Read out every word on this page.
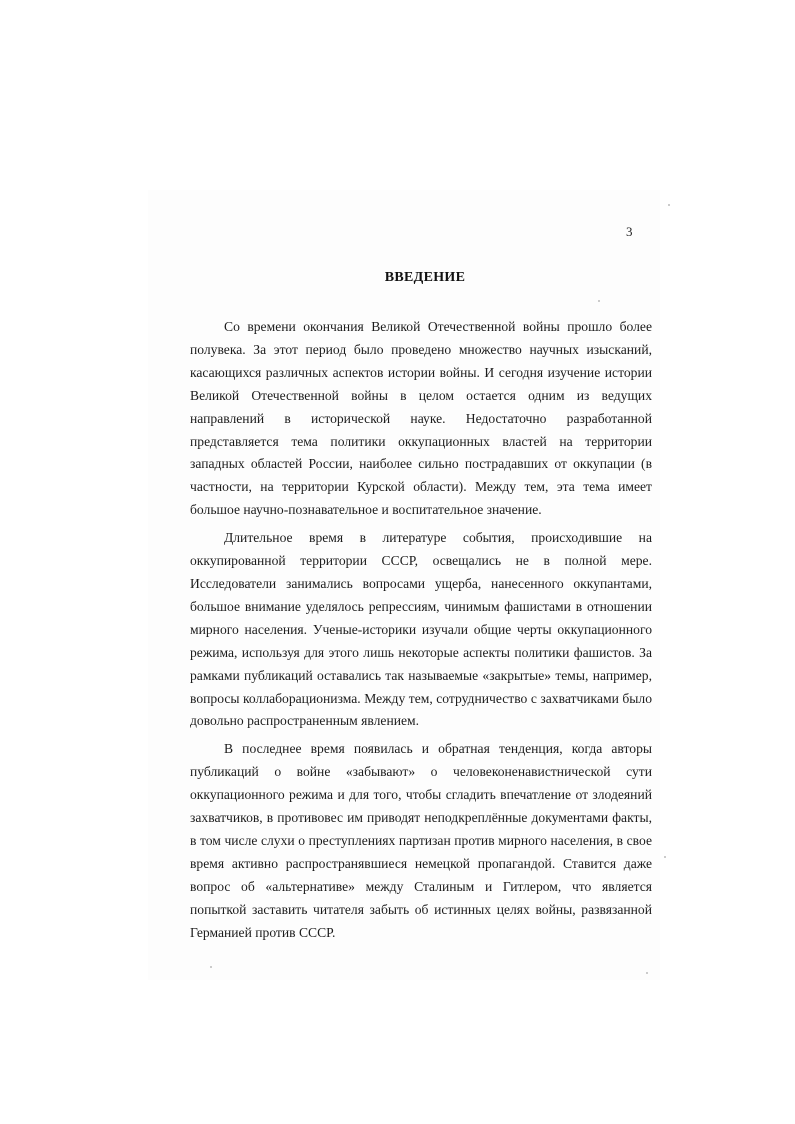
3
ВВЕДЕНИЕ

Со времени окончания Великой Отечественной войны прошло более полувека. За этот период было проведено множество научных изысканий, касающихся различных аспектов истории войны. И сегодня изучение истории Великой Отечественной войны в целом остается одним из ведущих направлений в исторической науке. Недостаточно разработанной представляется тема политики оккупационных властей на территории западных областей России, наиболее сильно пострадавших от оккупации (в частности, на территории Курской области). Между тем, эта тема имеет большое научно-познавательное и воспитательное значение.

Длительное время в литературе события, происходившие на оккупированной территории СССР, освещались не в полной мере. Исследователи занимались вопросами ущерба, нанесенного оккупантами, большое внимание уделялось репрессиям, чинимым фашистами в отношении мирного населения. Ученые-историки изучали общие черты оккупационного режима, используя для этого лишь некоторые аспекты политики фашистов. За рамками публикаций оставались так называемые «закрытые» темы, например, вопросы коллаборационизма. Между тем, сотрудничество с захватчиками было довольно распространенным явлением.

В последнее время появилась и обратная тенденция, когда авторы публикаций о войне «забывают» о человеконенавистнической сути оккупационного режима и для того, чтобы сгладить впечатление от злодеяний захватчиков, в противовес им приводят неподкреплённые документами факты, в том числе слухи о преступлениях партизан против мирного населения, в свое время активно распространявшиеся немецкой пропагандой. Ставится даже вопрос об «альтернативе» между Сталиным и Гитлером, что является попыткой заставить читателя забыть об истинных целях войны, развязанной Германией против СССР.
